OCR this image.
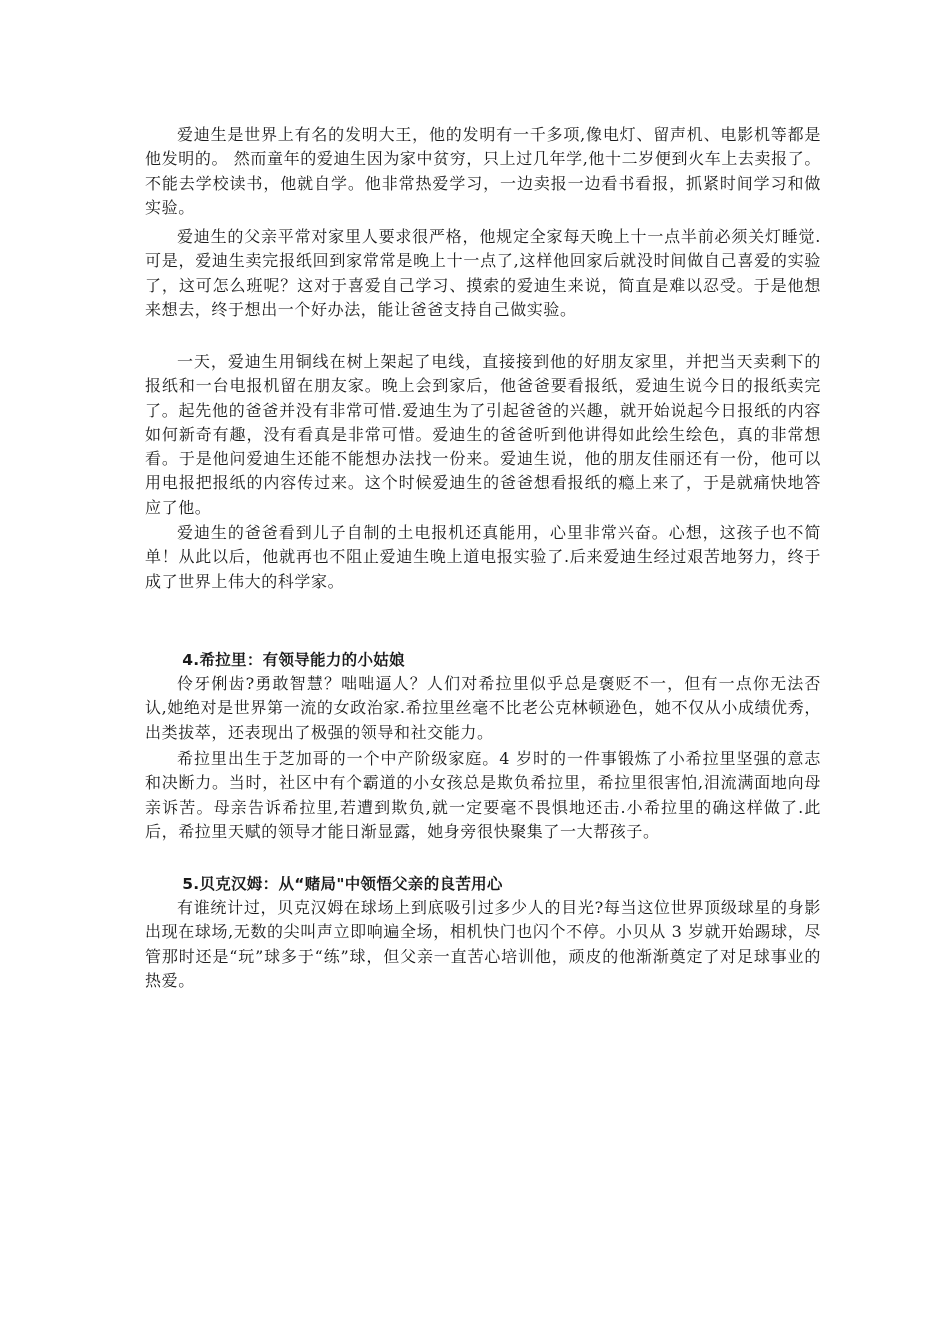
爱迪生是世界上有名的发明大王，他的发明有一千多项,像电灯、留声机、电影机等都是他发明的。 然而童年的爱迪生因为家中贫穷，只上过几年学,他十二岁便到火车上去卖报了。不能去学校读书，他就自学。他非常热爱学习，一边卖报一边看书看报，抓紧时间学习和做实验。

爱迪生的父亲平常对家里人要求很严格，他规定全家每天晚上十一点半前必须关灯睡觉.可是，爱迪生卖完报纸回到家常常是晚上十一点了,这样他回家后就没时间做自己喜爱的实验了，这可怎么班呢？这对于喜爱自己学习、摸索的爱迪生来说，简直是难以忍受。于是他想来想去，终于想出一个好办法，能让爸爸支持自己做实验。

一天，爱迪生用铜线在树上架起了电线，直接接到他的好朋友家里，并把当天卖剩下的报纸和一台电报机留在朋友家。晚上会到家后，他爸爸要看报纸，爱迪生说今日的报纸卖完了。起先他的爸爸并没有非常可惜.爱迪生为了引起爸爸的兴趣，就开始说起今日报纸的内容如何新奇有趣，没有看真是非常可惜。爱迪生的爸爸听到他讲得如此绘生绘色，真的非常想看。于是他问爱迪生还能不能想办法找一份来。爱迪生说，他的朋友佳丽还有一份，他可以用电报把报纸的内容传过来。这个时候爱迪生的爸爸想看报纸的瘾上来了，于是就痛快地答应了他。

爱迪生的爸爸看到儿子自制的土电报机还真能用，心里非常兴奋。心想，这孩子也不简单！从此以后，他就再也不阻止爱迪生晚上道电报实验了.后来爱迪生经过艰苦地努力，终于成了世界上伟大的科学家。

4.希拉里：有领导能力的小姑娘

伶牙俐齿?勇敢智慧？咄咄逼人？人们对希拉里似乎总是褒贬不一，但有一点你无法否认,她绝对是世界第一流的女政治家.希拉里丝毫不比老公克林顿逊色，她不仅从小成绩优秀，出类拔萃，还表现出了极强的领导和社交能力。

希拉里出生于芝加哥的一个中产阶级家庭。4 岁时的一件事锻炼了小希拉里坚强的意志和决断力。当时，社区中有个霸道的小女孩总是欺负希拉里，希拉里很害怕,泪流满面地向母亲诉苦。母亲告诉希拉里,若遭到欺负,就一定要毫不畏惧地还击.小希拉里的确这样做了.此后，希拉里天赋的领导才能日渐显露，她身旁很快聚集了一大帮孩子。

5.贝克汉姆：从“赌局"中领悟父亲的良苦用心

有谁统计过，贝克汉姆在球场上到底吸引过多少人的目光?每当这位世界顶级球星的身影出现在球场,无数的尖叫声立即响遍全场，相机快门也闪个不停。小贝从 3 岁就开始踢球，尽管那时还是“玩”球多于“练”球，但父亲一直苦心培训他，顽皮的他渐渐奠定了对足球事业的热爱。
